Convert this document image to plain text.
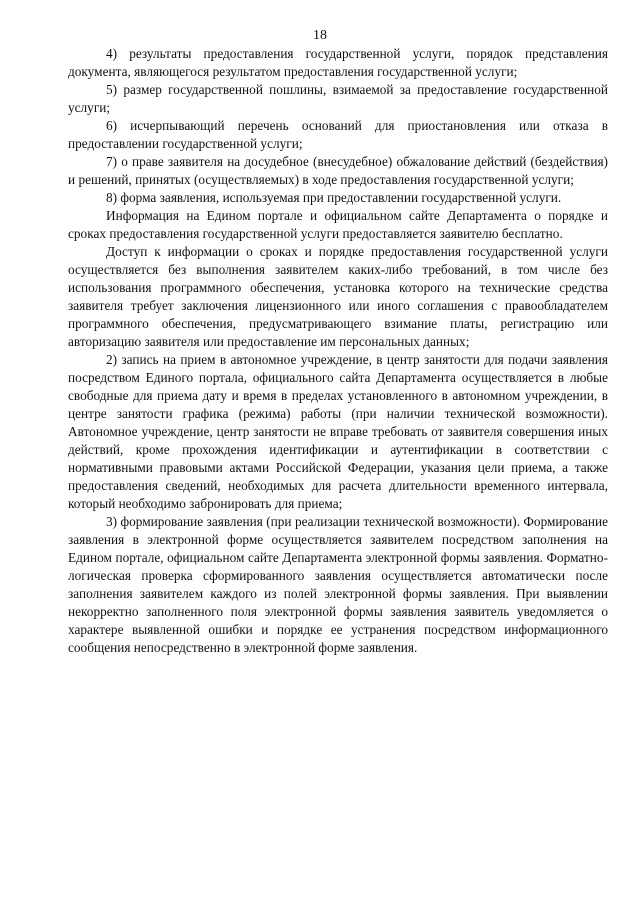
18

4) результаты предоставления государственной услуги, порядок представления документа, являющегося результатом предоставления государственной услуги;

5) размер государственной пошлины, взимаемой за предоставление государственной услуги;

6) исчерпывающий перечень оснований для приостановления или отказа в предоставлении государственной услуги;

7) о праве заявителя на досудебное (внесудебное) обжалование действий (бездействия) и решений, принятых (осуществляемых) в ходе предоставления государственной услуги;

8) форма заявления, используемая при предоставлении государственной услуги.

Информация на Едином портале и официальном сайте Департамента о порядке и сроках предоставления государственной услуги предоставляется заявителю бесплатно.

Доступ к информации о сроках и порядке предоставления государственной услуги осуществляется без выполнения заявителем каких-либо требований, в том числе без использования программного обеспечения, установка которого на технические средства заявителя требует заключения лицензионного или иного соглашения с правообладателем программного обеспечения, предусматривающего взимание платы, регистрацию или авторизацию заявителя или предоставление им персональных данных;

2) запись на прием в автономное учреждение, в центр занятости для подачи заявления посредством Единого портала, официального сайта Департамента осуществляется в любые свободные для приема дату и время в пределах установленного в автономном учреждении, в центре занятости графика (режима) работы (при наличии технической возможности). Автономное учреждение, центр занятости не вправе требовать от заявителя совершения иных действий, кроме прохождения идентификации и аутентификации в соответствии с нормативными правовыми актами Российской Федерации, указания цели приема, а также предоставления сведений, необходимых для расчета длительности временного интервала, который необходимо забронировать для приема;

3) формирование заявления (при реализации технической возможности). Формирование заявления в электронной форме осуществляется заявителем посредством заполнения на Едином портале, официальном сайте Департамента электронной формы заявления. Форматно-логическая проверка сформированного заявления осуществляется автоматически после заполнения заявителем каждого из полей электронной формы заявления. При выявлении некорректно заполненного поля электронной формы заявления заявитель уведомляется о характере выявленной ошибки и порядке ее устранения посредством информационного сообщения непосредственно в электронной форме заявления.
